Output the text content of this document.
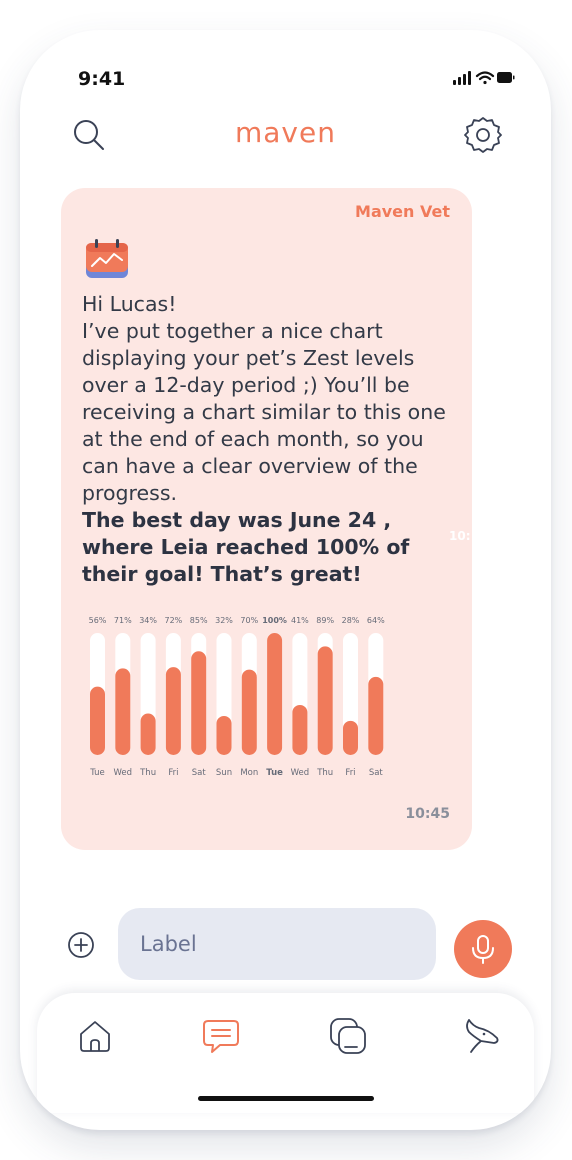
9:41
maven
Maven Vet

Hi Lucas!

I’ve put together a nice chart displaying your pet’s Zest levels over a 12-day period ;) You’ll be receiving a chart similar to this one at the end of each month, so you can have a clear overview of the progress.

The best day was June 24 , where Leia reached 100% of their goal! That’s great!

56%
Tue
71%
Wed
34%
Thu
72%
Fri
85%
Sat
32%
Sun
70%
Mon
100%
Tue
41%
Wed
89%
Thu
28%
Fri
64%
Sat
10:45
10:
Label
